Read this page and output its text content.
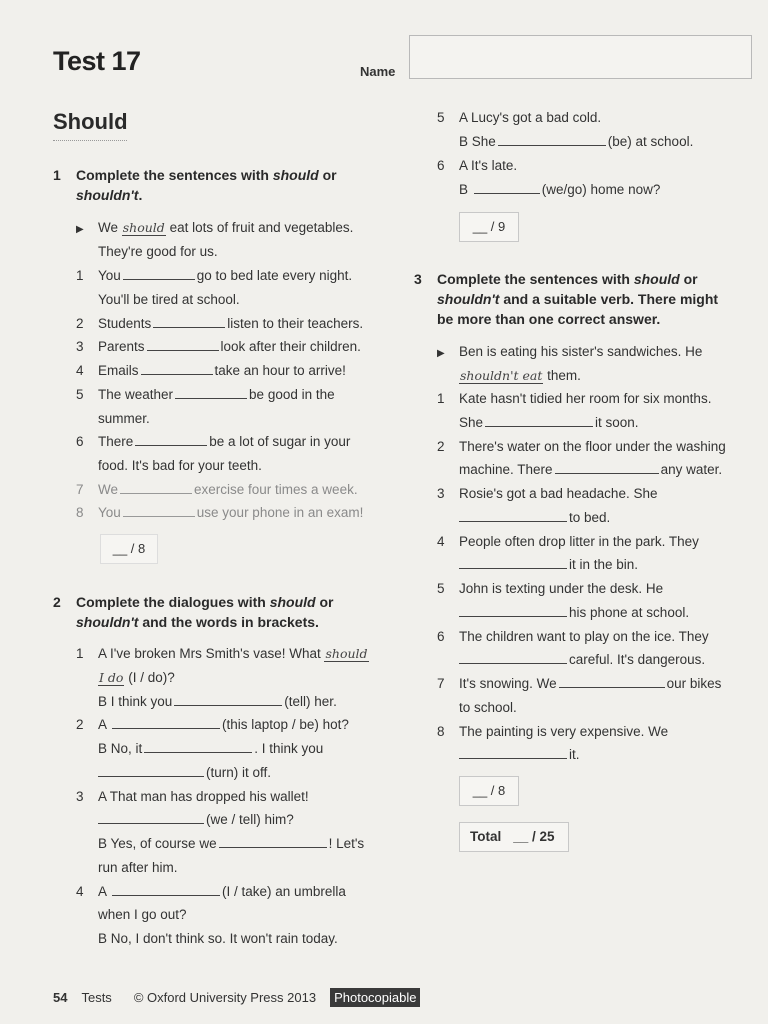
Test 17	Name
Should
1 Complete the sentences with should or
shouldn't.
▶ We should eat lots of fruit and vegetables.
They're good for us.
1 You	go to bed late every night.
You'll be tired at school.
2 Students	listen to their teachers.
3 Parents	look after their children.
4 Emails	take an hour to arrive!
5 The weather	be good in the
summer.
6 There	be a lot of sugar in your
food. It's bad for your teeth.
7 We	exercise four times a week.
8 You	use your phone in an exam!
__ / 8
2 Complete the dialogues with should or
shouldn't and the words in brackets.
1 A I've broken Mrs Smith's vase! What should
I do (I / do)?
B I think you	(tell) her.
2 A	(this laptop / be) hot?
B No, it	. I think you
(turn) it off.
3 A That man has dropped his wallet!
(we / tell) him?
B Yes, of course we	! Let's
run after him.
4 A	(I / take) an umbrella
when I go out?
B No, I don't think so. It won't rain today.
5 A Lucy's got a bad cold.
B She	(be) at school.
6 A It's late.
B	(we/go) home now?
__ / 9
3 Complete the sentences with should or
shouldn't and a suitable verb. There might
be more than one correct answer.
▶ Ben is eating his sister's sandwiches. He
shouldn't eat them.
1 Kate hasn't tidied her room for six months.
She	it soon.
2 There's water on the floor under the washing
machine. There	any water.
3 Rosie's got a bad headache. She
to bed.
4 People often drop litter in the park. They
it in the bin.
5 John is texting under the desk. He
his phone at school.
6 The children want to play on the ice. They
careful. It's dangerous.
7 It's snowing. We	our bikes
to school.
8 The painting is very expensive. We
it.
__ / 8
Total __ / 25
54 Tests © Oxford University Press 2013 Photocopiable
